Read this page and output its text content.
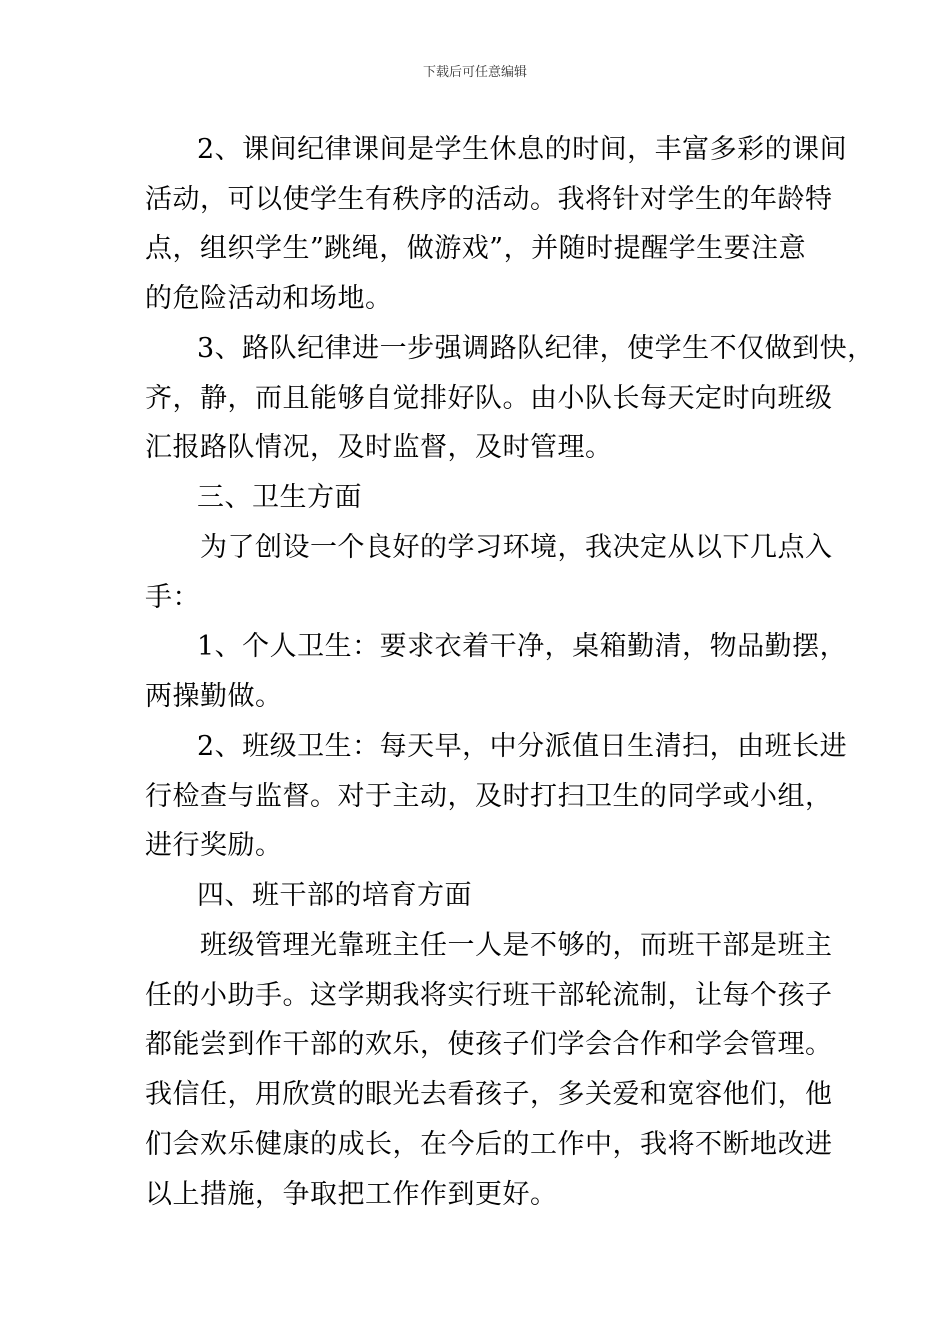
下载后可任意编辑
2、课间纪律课间是学生休息的时间，丰富多彩的课间
活动，可以使学生有秩序的活动。我将针对学生的年龄特
点，组织学生”跳绳，做游戏”，并随时提醒学生要注意
的危险活动和场地。
3、路队纪律进一步强调路队纪律，使学生不仅做到快，
齐，静，而且能够自觉排好队。由小队长每天定时向班级
汇报路队情况，及时监督，及时管理。
三、卫生方面
为了创设一个良好的学习环境，我决定从以下几点入
手：
1、个人卫生：要求衣着干净，桌箱勤清，物品勤摆，
两操勤做。
2、班级卫生：每天早，中分派值日生清扫，由班长进
行检查与监督。对于主动，及时打扫卫生的同学或小组，
进行奖励。
四、班干部的培育方面
班级管理光靠班主任一人是不够的，而班干部是班主
任的小助手。这学期我将实行班干部轮流制，让每个孩子
都能尝到作干部的欢乐，使孩子们学会合作和学会管理。
我信任，用欣赏的眼光去看孩子，多关爱和宽容他们，他
们会欢乐健康的成长，在今后的工作中，我将不断地改进
以上措施，争取把工作作到更好。
